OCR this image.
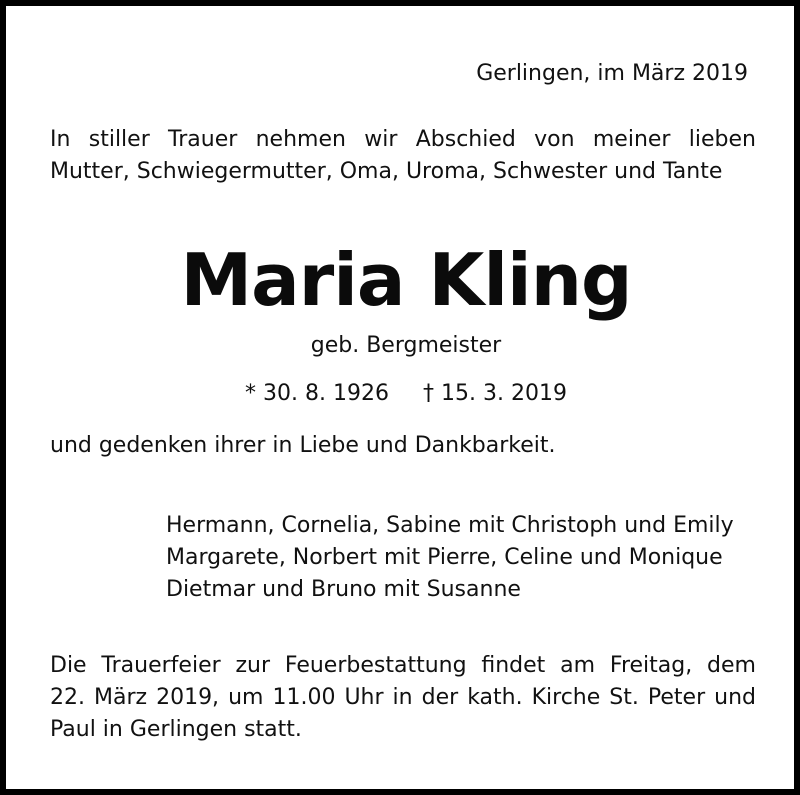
Gerlingen, im März 2019
In stiller Trauer nehmen wir Abschied von meiner lieben
Mutter, Schwiegermutter, Oma, Uroma, Schwester und Tante
Maria Kling
geb. Bergmeister
* 30. 8. 1926 † 15. 3. 2019
und gedenken ihrer in Liebe und Dankbarkeit.
Hermann, Cornelia, Sabine mit Christoph und Emily
Margarete, Norbert mit Pierre, Celine und Monique
Dietmar und Bruno mit Susanne
Die Trauerfeier zur Feuerbestattung findet am Freitag, dem
22. März 2019, um 11.00 Uhr in der kath. Kirche St. Peter und
Paul in Gerlingen statt.
